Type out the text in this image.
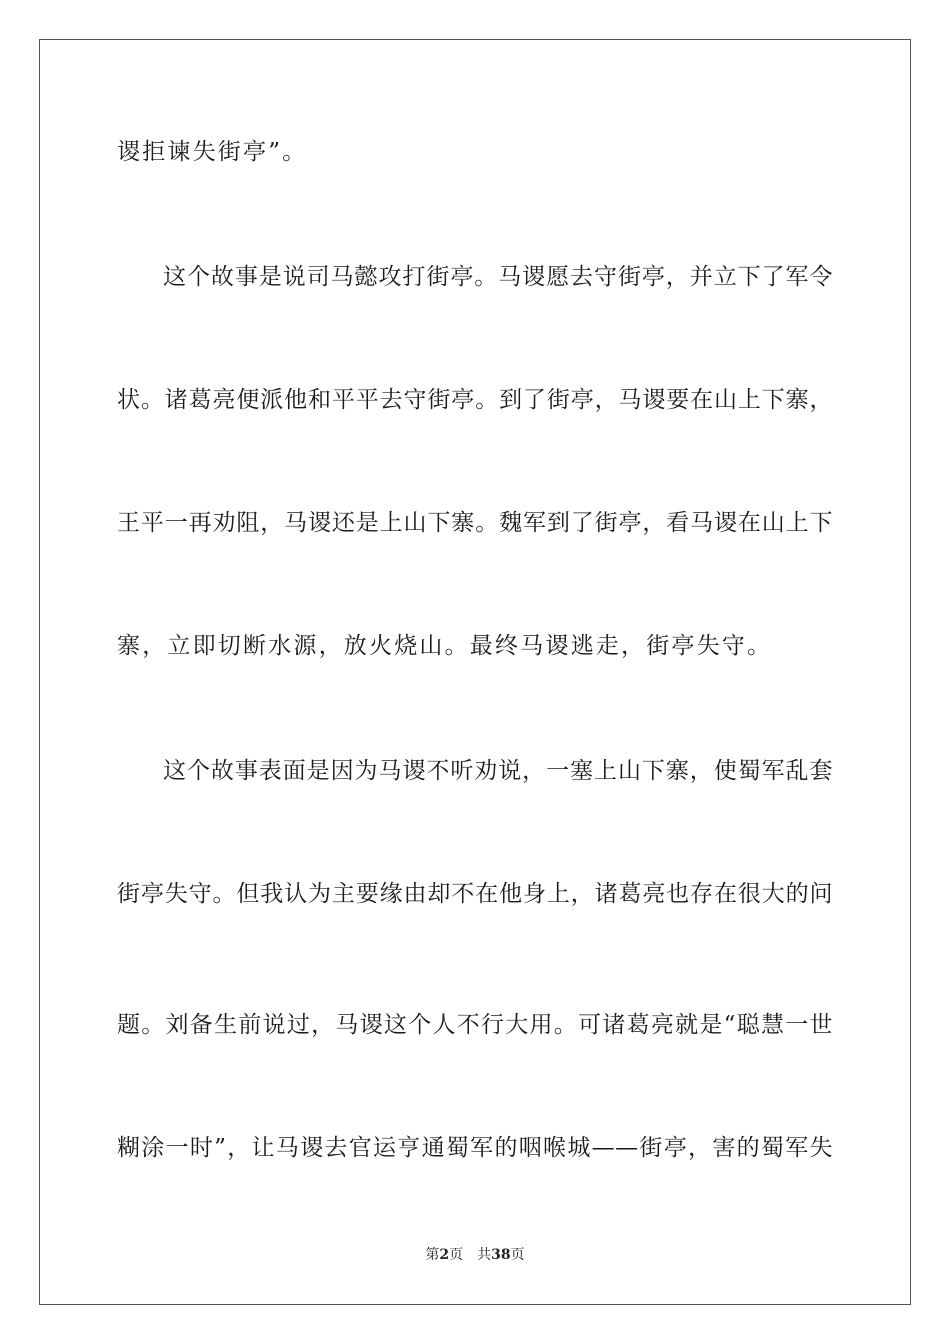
谡拒谏失街亭”。
这个故事是说司马懿攻打街亭。马谡愿去守街亭，并立下了军令
状。诸葛亮便派他和平平去守街亭。到了街亭，马谡要在山上下寨，
王平一再劝阻，马谡还是上山下寨。魏军到了街亭，看马谡在山上下
寨，立即切断水源，放火烧山。最终马谡逃走，街亭失守。
这个故事表面是因为马谡不听劝说，一塞上山下寨，使蜀军乱套
街亭失守。但我认为主要缘由却不在他身上，诸葛亮也存在很大的问
题。刘备生前说过，马谡这个人不行大用。可诸葛亮就是“聪慧一世
糊涂一时”，让马谡去官运亨通蜀军的咽喉城——街亭，害的蜀军失
第2页 共38页
